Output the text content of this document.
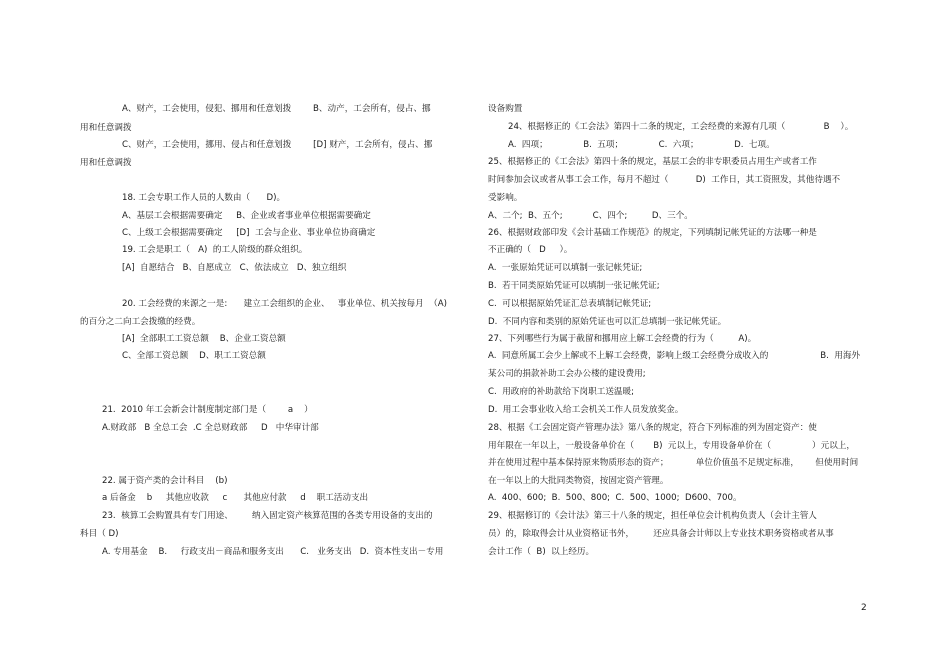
A、财产，工会使用，侵犯、挪用和任意划拨        B、动产，工会所有，侵占、挪
用和任意调拨
C、财产，工会使用，挪用、侵占和任意划拨        [D] 财产，工会所有，侵占、挪
用和任意调拨
18. 工会专职工作人员的人数由（      D)。
A、基层工会根据需要确定     B、企业或者事业单位根据需要确定
C、上级工会根据需要确定     [D]  工会与企业、事业单位协商确定
19. 工会是职工（   A)  的工人阶级的群众组织。
[A]  自愿结合   B、自愿成立   C、依法成立   D、独立组织
20. 工会经费的来源之一是:      建立工会组织的企业、   事业单位、机关按每月  （A)
的百分之二向工会拨缴的经费。
[A]  全部职工工资总额    B、企业工资总额
C、全部工资总额    D、职工工资总额
21.  2010 年工会新会计制度制定部门是（        a    ）
A.财政部   B 全总工会  .C 全总财政部     D   中华审计部
22. 属于资产类的会计科目    (b)
a 后备金    b     其他应收款     c      其他应付款     d    职工活动支出
23.  核算工会购置具有专门用途、       纳入固定资产核算范围的各类专用设备的支出的
科目（ D)
A. 专用基金    B.     行政支出－商品和服务支出      C.   业务支出   D.  资本性支出－专用
设备购置
24、根据修正的《工会法》第四十二条的规定，工会经费的来源有几项（              B    ）。
A.  四项；             B.  五项；             C.  六项；             D.  七项。
25、根据修正的《工会法》第四十条的规定，基层工会的非专职委员占用生产或者工作
时间参加会议或者从事工会工作，每月不超过（          D)  工作日，其工资照发，其他待遇不
受影响。
A、二个;  B、五个;           C、四个;         D、三个。
26、根据财政部印发《会计基础工作规范》的规定，下列填制记帐凭证的方法哪一种是
不正确的（   D     ）。
A.  一张原始凭证可以填制一张记帐凭证;
B.  若干同类原始凭证可以填制一张记帐凭证;
C.  可以根据原始凭证汇总表填制记帐凭证;
D.  不同内容和类别的原始凭证也可以汇总填制一张记帐凭证。
27、下列哪些行为属于截留和挪用应上解工会经费的行为（         A)。
A.  同意所属工会少上解或不上解工会经费，影响上级工会经费分成收入的                   B.  用海外
某公司的捐款补助工会办公楼的建设费用;
C.  用政府的补助款给下岗职工送温暖;
D.  用工会事业收入给工会机关工作人员发放奖金。
28、根据《工会固定资产管理办法》第八条的规定，符合下列标准的列为固定资产：使
用年限在一年以上，一般设备单价在（       B)  元以上，专用设备单价在（               ）元以上，
并在使用过程中基本保持原来物质形态的资产；          单位价值虽不足规定标准，      但使用时间
在一年以上的大批同类物资，按固定资产管理。
A.  400、600;  B.  500、800;  C.  500、1000;  D600、700。
29、根据修订的《会计法》第三十八条的规定，担任单位会计机构负责人（会计主管人
员）的，除取得会计从业资格证书外，       还应具备会计师以上专业技术职务资格或者从事
会计工作（  B)  以上经历。
2
